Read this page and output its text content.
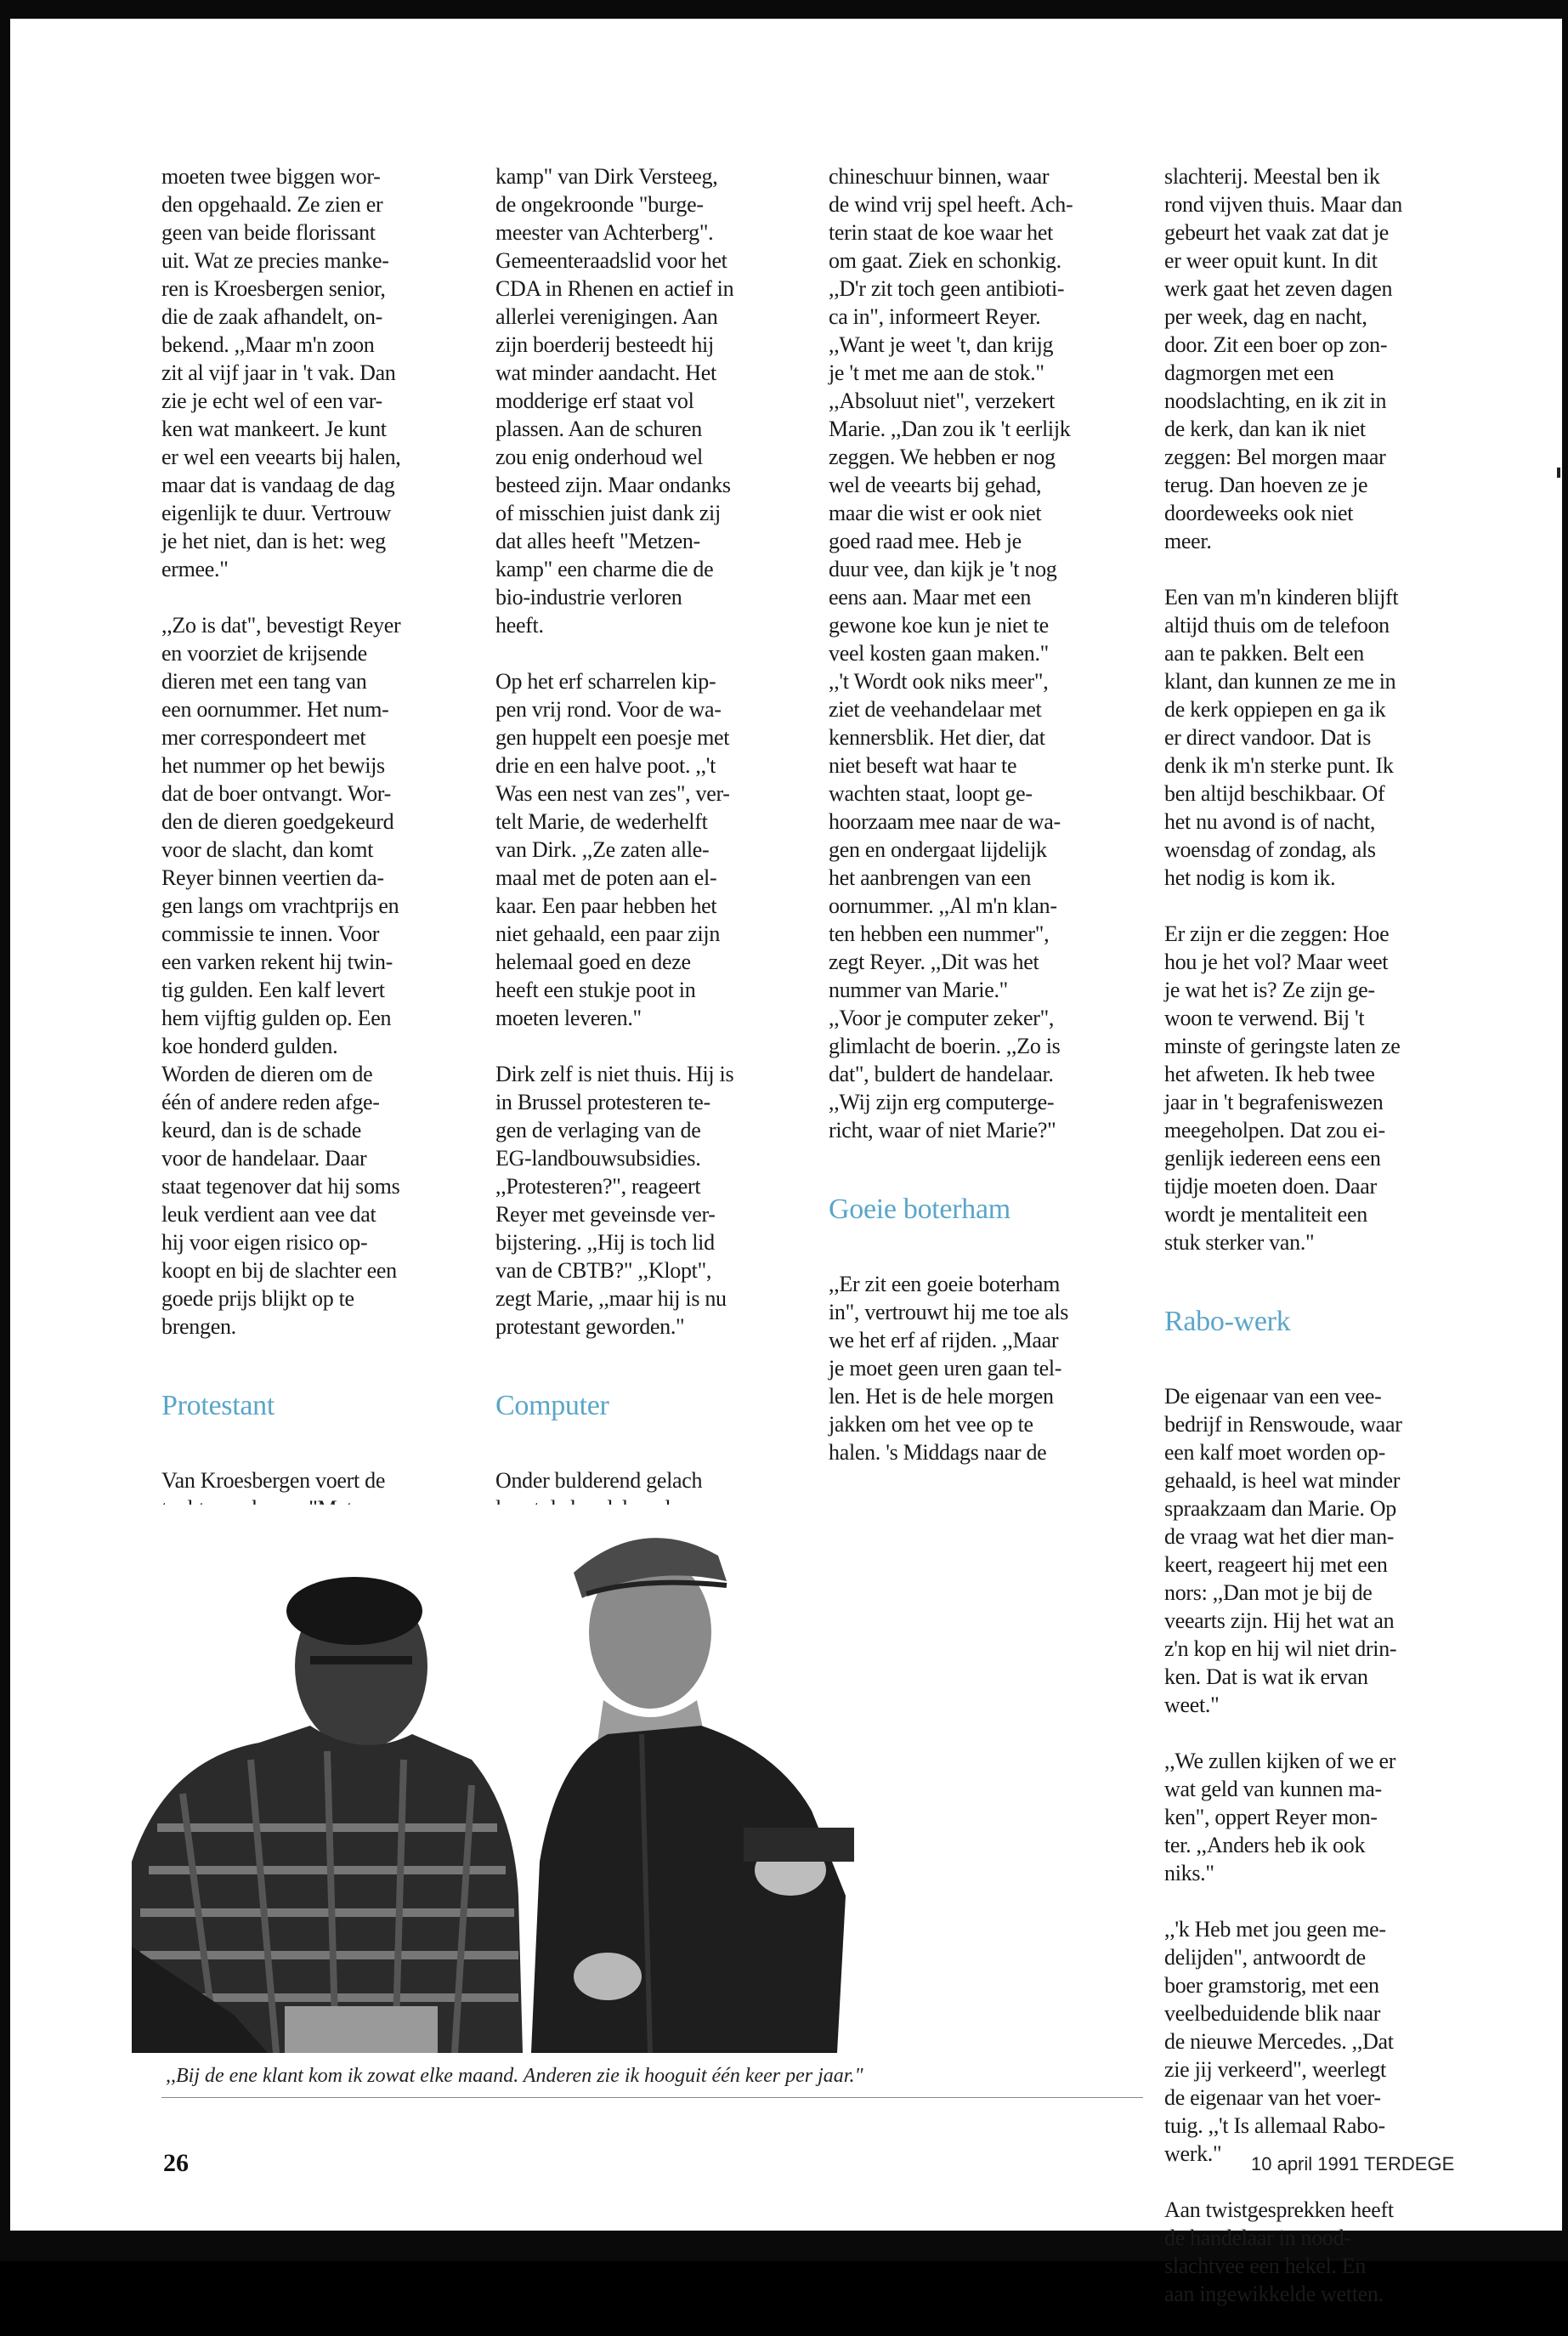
moeten twee biggen wor-
den opgehaald. Ze zien er
geen van beide florissant
uit. Wat ze precies manke-
ren is Kroesbergen senior,
die de zaak afhandelt, on-
bekend. ,,Maar m'n zoon
zit al vijf jaar in 't vak. Dan
zie je echt wel of een var-
ken wat mankeert. Je kunt
er wel een veearts bij halen,
maar dat is vandaag de dag
eigenlijk te duur. Vertrouw
je het niet, dan is het: weg
ermee."

,,Zo is dat", bevestigt Reyer
en voorziet de krijsende
dieren met een tang van
een oornummer. Het num-
mer correspondeert met
het nummer op het bewijs
dat de boer ontvangt. Wor-
den de dieren goedgekeurd
voor de slacht, dan komt
Reyer binnen veertien da-
gen langs om vrachtprijs en
commissie te innen. Voor
een varken rekent hij twin-
tig gulden. Een kalf levert
hem vijftig gulden op. Een
koe honderd gulden.
Worden de dieren om de
één of andere reden afge-
keurd, dan is de schade
voor de handelaar. Daar
staat tegenover dat hij soms
leuk verdient aan vee dat
hij voor eigen risico op-
koopt en bij de slachter een
goede prijs blijkt op te
brengen.

Protestant

Van Kroesbergen voert de

kamp" van Dirk Versteeg,
de ongekroonde "burge-
meester van Achterberg".
Gemeenteraadslid voor het
CDA in Rhenen en actief in
allerlei verenigingen. Aan
zijn boerderij besteedt hij
wat minder aandacht. Het
modderige erf staat vol
plassen. Aan de schuren
zou enig onderhoud wel
besteed zijn. Maar ondanks
of misschien juist dank zij
dat alles heeft "Metzen-
kamp" een charme die de
bio-industrie verloren
heeft.

Op het erf scharrelen kip-
pen vrij rond. Voor de wa-
gen huppelt een poesje met
drie en een halve poot. ,,'t
Was een nest van zes", ver-
telt Marie, de wederhelft
van Dirk. ,,Ze zaten alle-
maal met de poten aan el-
kaar. Een paar hebben het
niet gehaald, een paar zijn
helemaal goed en deze
heeft een stukje poot in
moeten leveren."

Dirk zelf is niet thuis. Hij is
in Brussel protesteren te-
gen de verlaging van de
EG-landbouwsubsidies.
,,Protesteren?", reageert
Reyer met geveinsde ver-
bijstering. ,,Hij is toch lid
van de CBTB?" ,,Klopt",
zegt Marie, ,,maar hij is nu
protestant geworden."

Computer

Onder bulderend gelach

chineschuur binnen, waar
de wind vrij spel heeft. Ach-
terin staat de koe waar het
om gaat. Ziek en schonkig.
,,D'r zit toch geen antibioti-
ca in", informeert Reyer.
,,Want je weet 't, dan krijg
je 't met me aan de stok."
,,Absoluut niet", verzekert
Marie. ,,Dan zou ik 't eerlijk
zeggen. We hebben er nog
wel de veearts bij gehad,
maar die wist er ook niet
goed raad mee. Heb je
duur vee, dan kijk je 't nog
eens aan. Maar met een
gewone koe kun je niet te
veel kosten gaan maken."
,,'t Wordt ook niks meer",
ziet de veehandelaar met
kennersblik. Het dier, dat
niet beseft wat haar te
wachten staat, loopt ge-
hoorzaam mee naar de wa-
gen en ondergaat lijdelijk
het aanbrengen van een
oornummer. ,,Al m'n klan-
ten hebben een nummer",
zegt Reyer. ,,Dit was het
nummer van Marie."
,,Voor je computer zeker",
glimlacht de boerin. ,,Zo is
dat", buldert de handelaar.
,,Wij zijn erg computerge-
richt, waar of niet Marie?"

Goeie boterham

,,Er zit een goeie boterham
in", vertrouwt hij me toe als
we het erf af rijden. ,,Maar
je moet geen uren gaan tel-
len. Het is de hele morgen
jakken om het vee op te
halen. 's Middags naar de

slachterij. Meestal ben ik
rond vijven thuis. Maar dan
gebeurt het vaak zat dat je
er weer opuit kunt. In dit
werk gaat het zeven dagen
per week, dag en nacht,
door. Zit een boer op zon-
dagmorgen met een
noodslachting, en ik zit in
de kerk, dan kan ik niet
zeggen: Bel morgen maar
terug. Dan hoeven ze je
doordeweeks ook niet
meer.

Een van m'n kinderen blijft
altijd thuis om de telefoon
aan te pakken. Belt een
klant, dan kunnen ze me in
de kerk oppiepen en ga ik
er direct vandoor. Dat is
denk ik m'n sterke punt. Ik
ben altijd beschikbaar. Of
het nu avond is of nacht,
woensdag of zondag, als
het nodig is kom ik.

Er zijn er die zeggen: Hoe
hou je het vol? Maar weet
je wat het is? Ze zijn ge-
woon te verwend. Bij 't
minste of geringste laten ze
het afweten. Ik heb twee
jaar in 't begrafeniswezen
meegeholpen. Dat zou ei-
genlijk iedereen eens een
tijdje moeten doen. Daar
wordt je mentaliteit een
stuk sterker van."

Rabo-werk

De eigenaar van een vee-
bedrijf in Renswoude, waar
een kalf moet worden op-
gehaald, is heel wat minder
spraakzaam dan Marie. Op
de vraag wat het dier man-
keert, reageert hij met een
nors: ,,Dan mot je bij de
veearts zijn. Hij het wat an
z'n kop en hij wil niet drin-
ken. Dat is wat ik ervan
weet."

,,We zullen kijken of we er
wat geld van kunnen ma-
ken", oppert Reyer mon-
ter. ,,Anders heb ik ook
niks."

,,'k Heb met jou geen me-
delijden", antwoordt de
boer gramstorig, met een
veelbeduidende blik naar
de nieuwe Mercedes. ,,Dat
zie jij verkeerd", weerlegt
de eigenaar van het voer-
tuig. ,,'t Is allemaal Rabo-
werk."

Aan twistgesprekken heeft
de handelaar in nood-
slachtvee een hekel. En
aan ingewikkelde wetten.

,,Bij de ene klant kom ik zowat elke maand. Anderen zie ik hooguit één keer per jaar."
26	10 april 1991 TERDEGE
